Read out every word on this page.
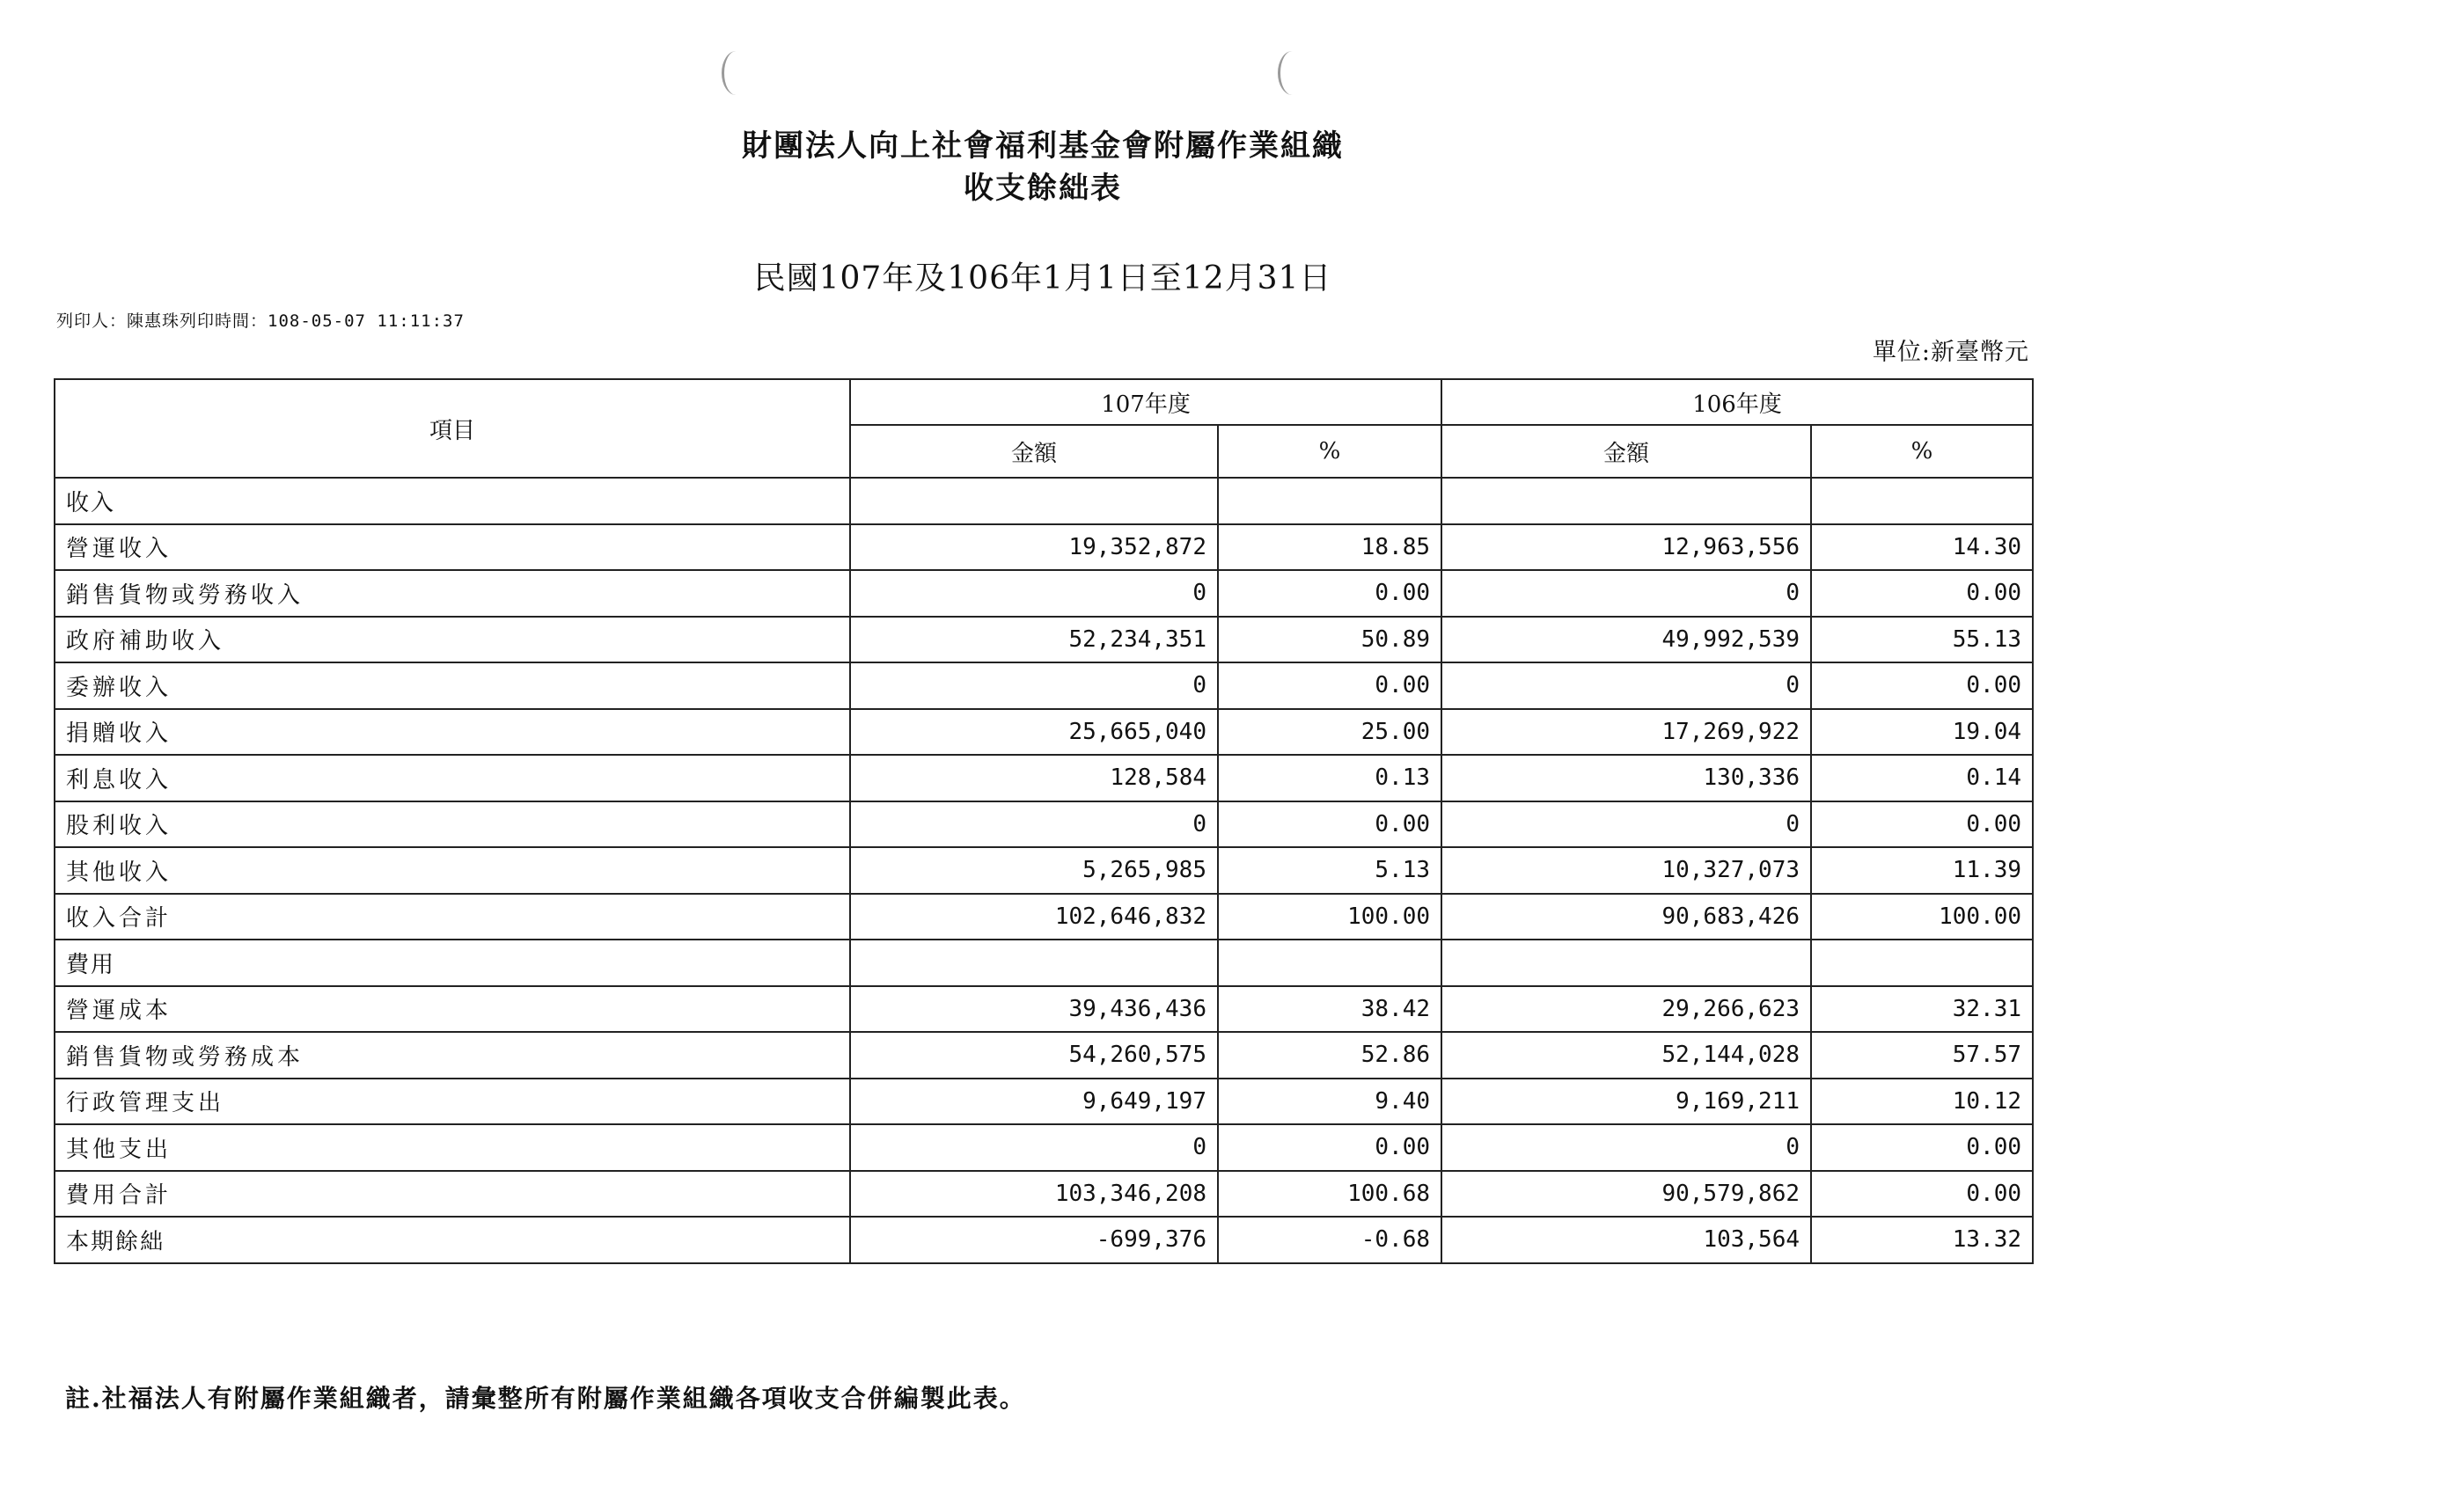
財團法人向上社會福利基金會附屬作業組織
收支餘絀表
民國107年及106年1月1日至12月31日
列印人：陳惠珠列印時間：108-05-07 11:11:37
單位:新臺幣元
項目	107年度		106年度	
	金額	%	金額	%
收入				
營運收入	19,352,872	18.85	12,963,556	14.30
銷售貨物或勞務收入	0	0.00	0	0.00
政府補助收入	52,234,351	50.89	49,992,539	55.13
委辦收入	0	0.00	0	0.00
捐贈收入	25,665,040	25.00	17,269,922	19.04
利息收入	128,584	0.13	130,336	0.14
股利收入	0	0.00	0	0.00
其他收入	5,265,985	5.13	10,327,073	11.39
收入合計	102,646,832	100.00	90,683,426	100.00
費用				
營運成本	39,436,436	38.42	29,266,623	32.31
銷售貨物或勞務成本	54,260,575	52.86	52,144,028	57.57
行政管理支出	9,649,197	9.40	9,169,211	10.12
其他支出	0	0.00	0	0.00
費用合計	103,346,208	100.68	90,579,862	0.00
本期餘絀	-699,376	-0.68	103,564	13.32
註.社福法人有附屬作業組織者，請彙整所有附屬作業組織各項收支合併編製此表。
